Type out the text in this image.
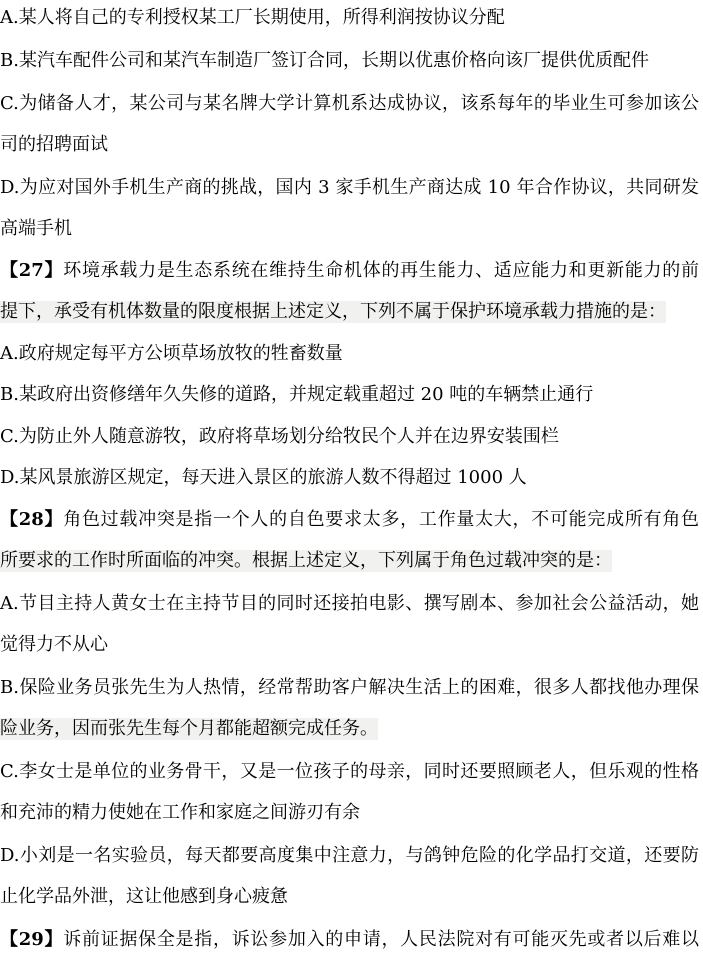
A.某人将自己的专利授权某工厂长期使用，所得利润按协议分配
B.某汽车配件公司和某汽车制造厂签订合同，长期以优惠价格向该厂提供优质配件
C.为储备人才，某公司与某名牌大学计算机系达成协议，该系每年的毕业生可参加该公
司的招聘面试
D.为应对国外手机生产商的挑战，国内 3 家手机生产商达成 10 年合作协议，共同研发
高端手机
【27】环境承载力是生态系统在维持生命机体的再生能力、适应能力和更新能力的前
提下，承受有机体数量的限度根据上述定义，下列不属于保护环境承载力措施的是：
A.政府规定每平方公顷草场放牧的牲畜数量
B.某政府出资修缮年久失修的道路，并规定载重超过 20 吨的车辆禁止通行
C.为防止外人随意游牧，政府将草场划分给牧民个人并在边界安装围栏
D.某风景旅游区规定，每天进入景区的旅游人数不得超过 1000 人
【28】角色过载冲突是指一个人的自色要求太多，工作量太大，不可能完成所有角色
所要求的工作时所面临的冲突。根据上述定义，下列属于角色过载冲突的是：
A.节目主持人黄女士在主持节目的同时还接拍电影、撰写剧本、参加社会公益活动，她
觉得力不从心
B.保险业务员张先生为人热情，经常帮助客户解决生活上的困难，很多人都找他办理保
险业务，因而张先生每个月都能超额完成任务。
C.李女士是单位的业务骨干，又是一位孩子的母亲，同时还要照顾老人，但乐观的性格
和充沛的精力使她在工作和家庭之间游刃有余
D.小刘是一名实验员，每天都要高度集中注意力，与鸽钟危险的化学品打交道，还要防
止化学品外泄，这让他感到身心疲惫
【29】诉前证据保全是指，诉讼参加入的申请，人民法院对有可能灭先或者以后难以
